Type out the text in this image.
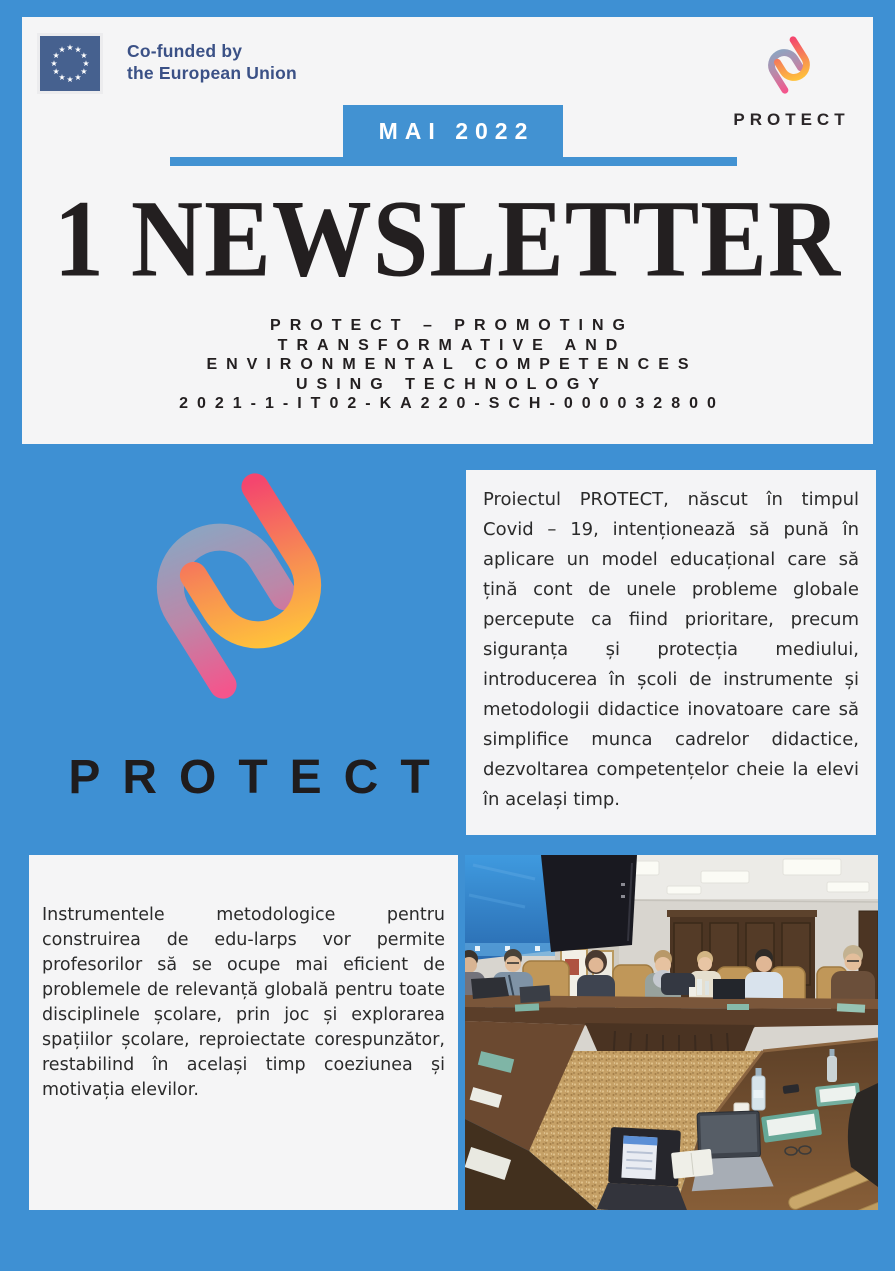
Co-funded by
the European Union
PROTECT
MAI 2022
1 NEWSLETTER
PROTECT – PROMOTING
TRANSFORMATIVE AND
ENVIRONMENTAL COMPETENCES
USING TECHNOLOGY
2021-1-IT02-KA220-SCH-000032800
PROTECT

Proiectul PROTECT, născut în timpul Covid – 19, intenționează să pună în aplicare un model educațional care să țină cont de unele probleme globale percepute ca fiind prioritare, precum siguranța și protecția mediului, introducerea în școli de instrumente și metodologii didactice inovatoare care să simplifice munca cadrelor didactice, dezvoltarea competențelor cheie la elevi în același timp.

Instrumentele metodologice pentru construirea de edu-larps vor permite profesorilor să se ocupe mai eficient de problemele de relevanță globală pentru toate disciplinele școlare, prin joc și explorarea spațiilor școlare, reproiectate corespunzător, restabilind în același timp coeziunea și motivația elevilor.
